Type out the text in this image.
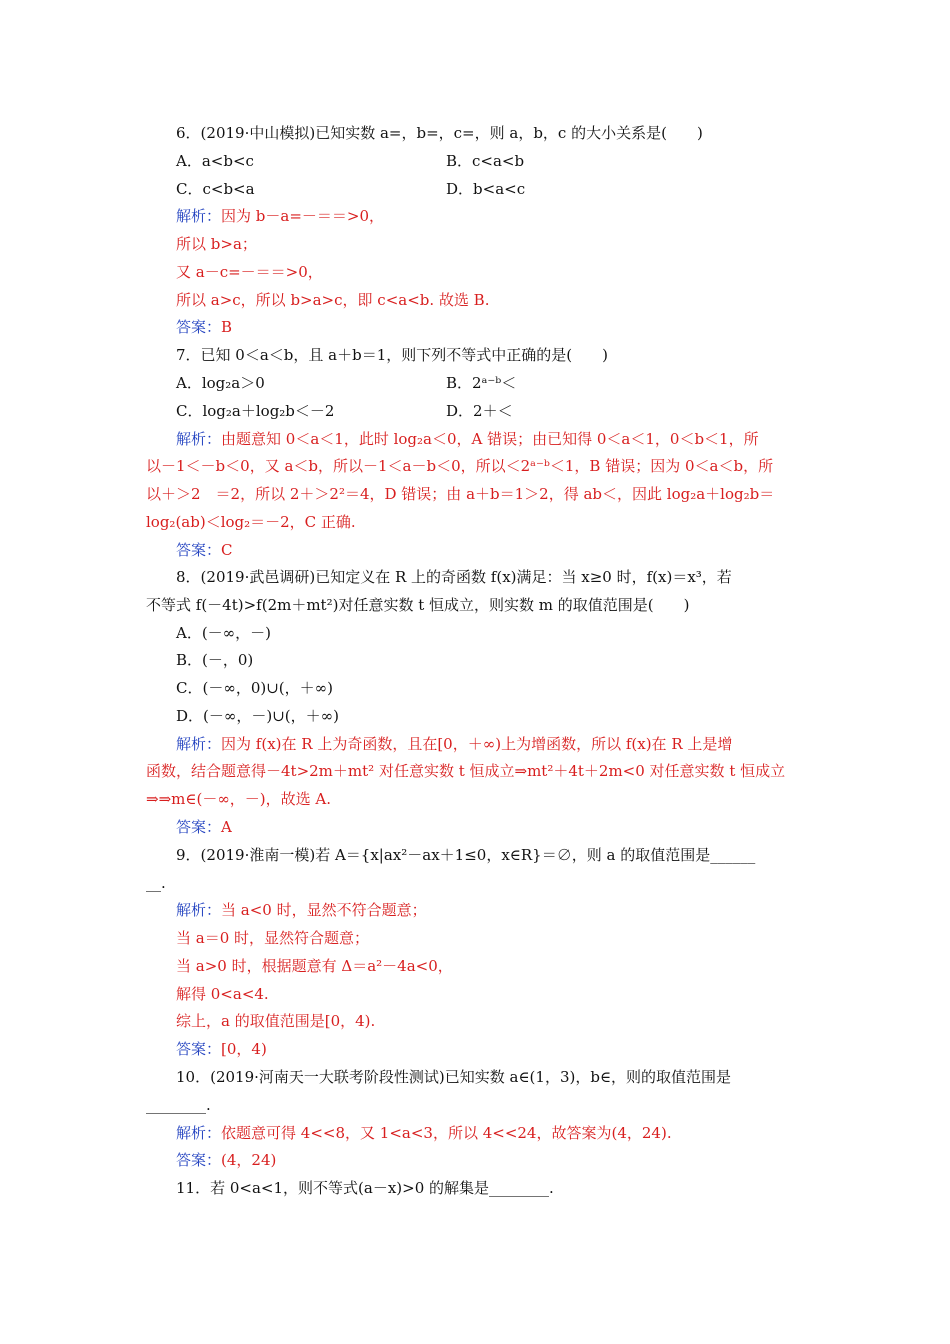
6．(2019·中山模拟)已知实数 a=，b=，c=，则 a，b，c 的大小关系是(　　)
A．a<b<c	B．c<a<b
C．c<b<a	D．b<a<c
解析：因为 b－a=－＝＝>0，
所以 b>a；
又 a－c=－＝＝>0，
所以 a>c，所以 b>a>c，即 c<a<b. 故选 B.
答案：B
7．已知 0＜a＜b，且 a＋b＝1，则下列不等式中正确的是(　　)
A．log₂a＞0	B．2ᵃ⁻ᵇ＜
C．log₂a＋log₂b＜－2	D．2＋＜
解析：由题意知 0＜a＜1，此时 log₂a＜0，A 错误；由已知得 0＜a＜1，0＜b＜1，所
以－1＜－b＜0，又 a＜b，所以－1＜a－b＜0，所以＜2ᵃ⁻ᵇ＜1，B 错误；因为 0＜a＜b，所
以＋＞2　＝2，所以 2＋＞2²＝4，D 错误；由 a＋b＝1＞2，得 ab＜，因此 log₂a＋log₂b＝
log₂(ab)＜log₂＝－2，C 正确.
答案：C
8．(2019·武邑调研)已知定义在 R 上的奇函数 f(x)满足：当 x≥0 时，f(x)＝x³，若
不等式 f(－4t)>f(2m＋mt²)对任意实数 t 恒成立，则实数 m 的取值范围是(　　)
A．(－∞，－)
B．(－，0)
C．(－∞，0)∪(，＋∞)
D．(－∞，－)∪(，＋∞)
解析：因为 f(x)在 R 上为奇函数，且在[0，＋∞)上为增函数，所以 f(x)在 R 上是增
函数，结合题意得－4t>2m＋mt² 对任意实数 t 恒成立⇒mt²＋4t＋2m<0 对任意实数 t 恒成立
⇒⇒m∈(－∞，－)，故选 A.
答案：A
9．(2019·淮南一模)若 A＝{x|ax²－ax＋1≤0，x∈R}＝∅，则 a 的取值范围是______
__.
解析：当 a<0 时，显然不符合题意；
当 a＝0 时，显然符合题意；
当 a>0 时，根据题意有 Δ＝a²－4a<0，
解得 0<a<4.
综上，a 的取值范围是[0，4).
答案：[0，4)
10．(2019·河南天一大联考阶段性测试)已知实数 a∈(1，3)，b∈，则的取值范围是
________.
解析：依题意可得 4<<8，又 1<a<3，所以 4<<24，故答案为(4，24).
答案：(4，24)
11．若 0<a<1，则不等式(a－x)>0 的解集是________.
